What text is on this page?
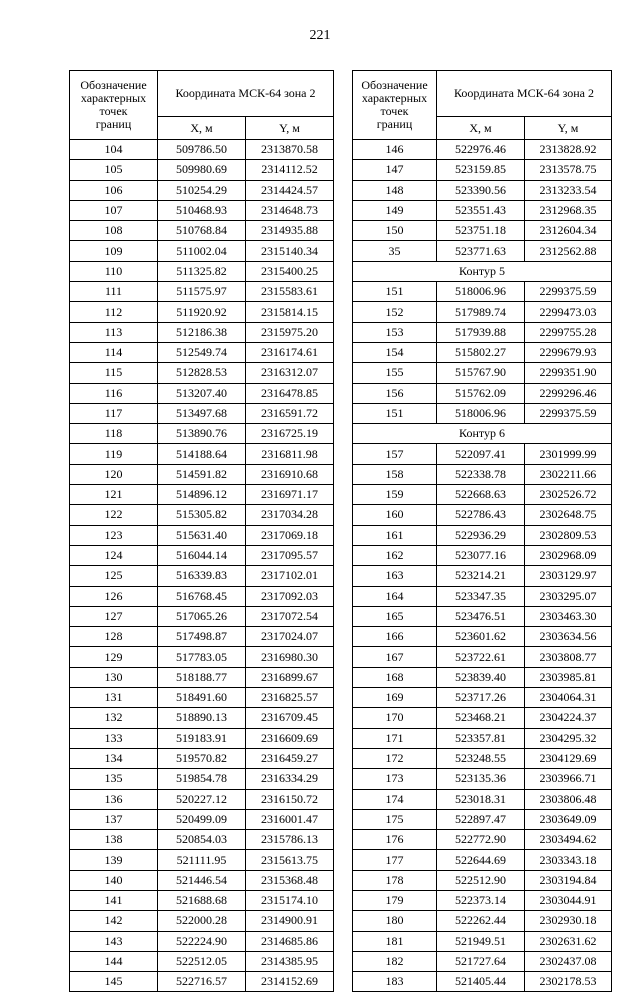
221
Обозначение
характерных
точек
границ	Координата МСК-64 зона 2	
	X, м	Y, м
104	509786.50	2313870.58
105	509980.69	2314112.52
106	510254.29	2314424.57
107	510468.93	2314648.73
108	510768.84	2314935.88
109	511002.04	2315140.34
110	511325.82	2315400.25
111	511575.97	2315583.61
112	511920.92	2315814.15
113	512186.38	2315975.20
114	512549.74	2316174.61
115	512828.53	2316312.07
116	513207.40	2316478.85
117	513497.68	2316591.72
118	513890.76	2316725.19
119	514188.64	2316811.98
120	514591.82	2316910.68
121	514896.12	2316971.17
122	515305.82	2317034.28
123	515631.40	2317069.18
124	516044.14	2317095.57
125	516339.83	2317102.01
126	516768.45	2317092.03
127	517065.26	2317072.54
128	517498.87	2317024.07
129	517783.05	2316980.30
130	518188.77	2316899.67
131	518491.60	2316825.57
132	518890.13	2316709.45
133	519183.91	2316609.69
134	519570.82	2316459.27
135	519854.78	2316334.29
136	520227.12	2316150.72
137	520499.09	2316001.47
138	520854.03	2315786.13
139	521111.95	2315613.75
140	521446.54	2315368.48
141	521688.68	2315174.10
142	522000.28	2314900.91
143	522224.90	2314685.86
144	522512.05	2314385.95
145	522716.57	2314152.69
Обозначение
характерных
точек
границ	Координата МСК-64 зона 2	
	X, м	Y, м
146	522976.46	2313828.92
147	523159.85	2313578.75
148	523390.56	2313233.54
149	523551.43	2312968.35
150	523751.18	2312604.34
35	523771.63	2312562.88
Контур 5		
151	518006.96	2299375.59
152	517989.74	2299473.03
153	517939.88	2299755.28
154	515802.27	2299679.93
155	515767.90	2299351.90
156	515762.09	2299296.46
151	518006.96	2299375.59
Контур 6		
157	522097.41	2301999.99
158	522338.78	2302211.66
159	522668.63	2302526.72
160	522786.43	2302648.75
161	522936.29	2302809.53
162	523077.16	2302968.09
163	523214.21	2303129.97
164	523347.35	2303295.07
165	523476.51	2303463.30
166	523601.62	2303634.56
167	523722.61	2303808.77
168	523839.40	2303985.81
169	523717.26	2304064.31
170	523468.21	2304224.37
171	523357.81	2304295.32
172	523248.55	2304129.69
173	523135.36	2303966.71
174	523018.31	2303806.48
175	522897.47	2303649.09
176	522772.90	2303494.62
177	522644.69	2303343.18
178	522512.90	2303194.84
179	522373.14	2303044.91
180	522262.44	2302930.18
181	521949.51	2302631.62
182	521727.64	2302437.08
183	521405.44	2302178.53
